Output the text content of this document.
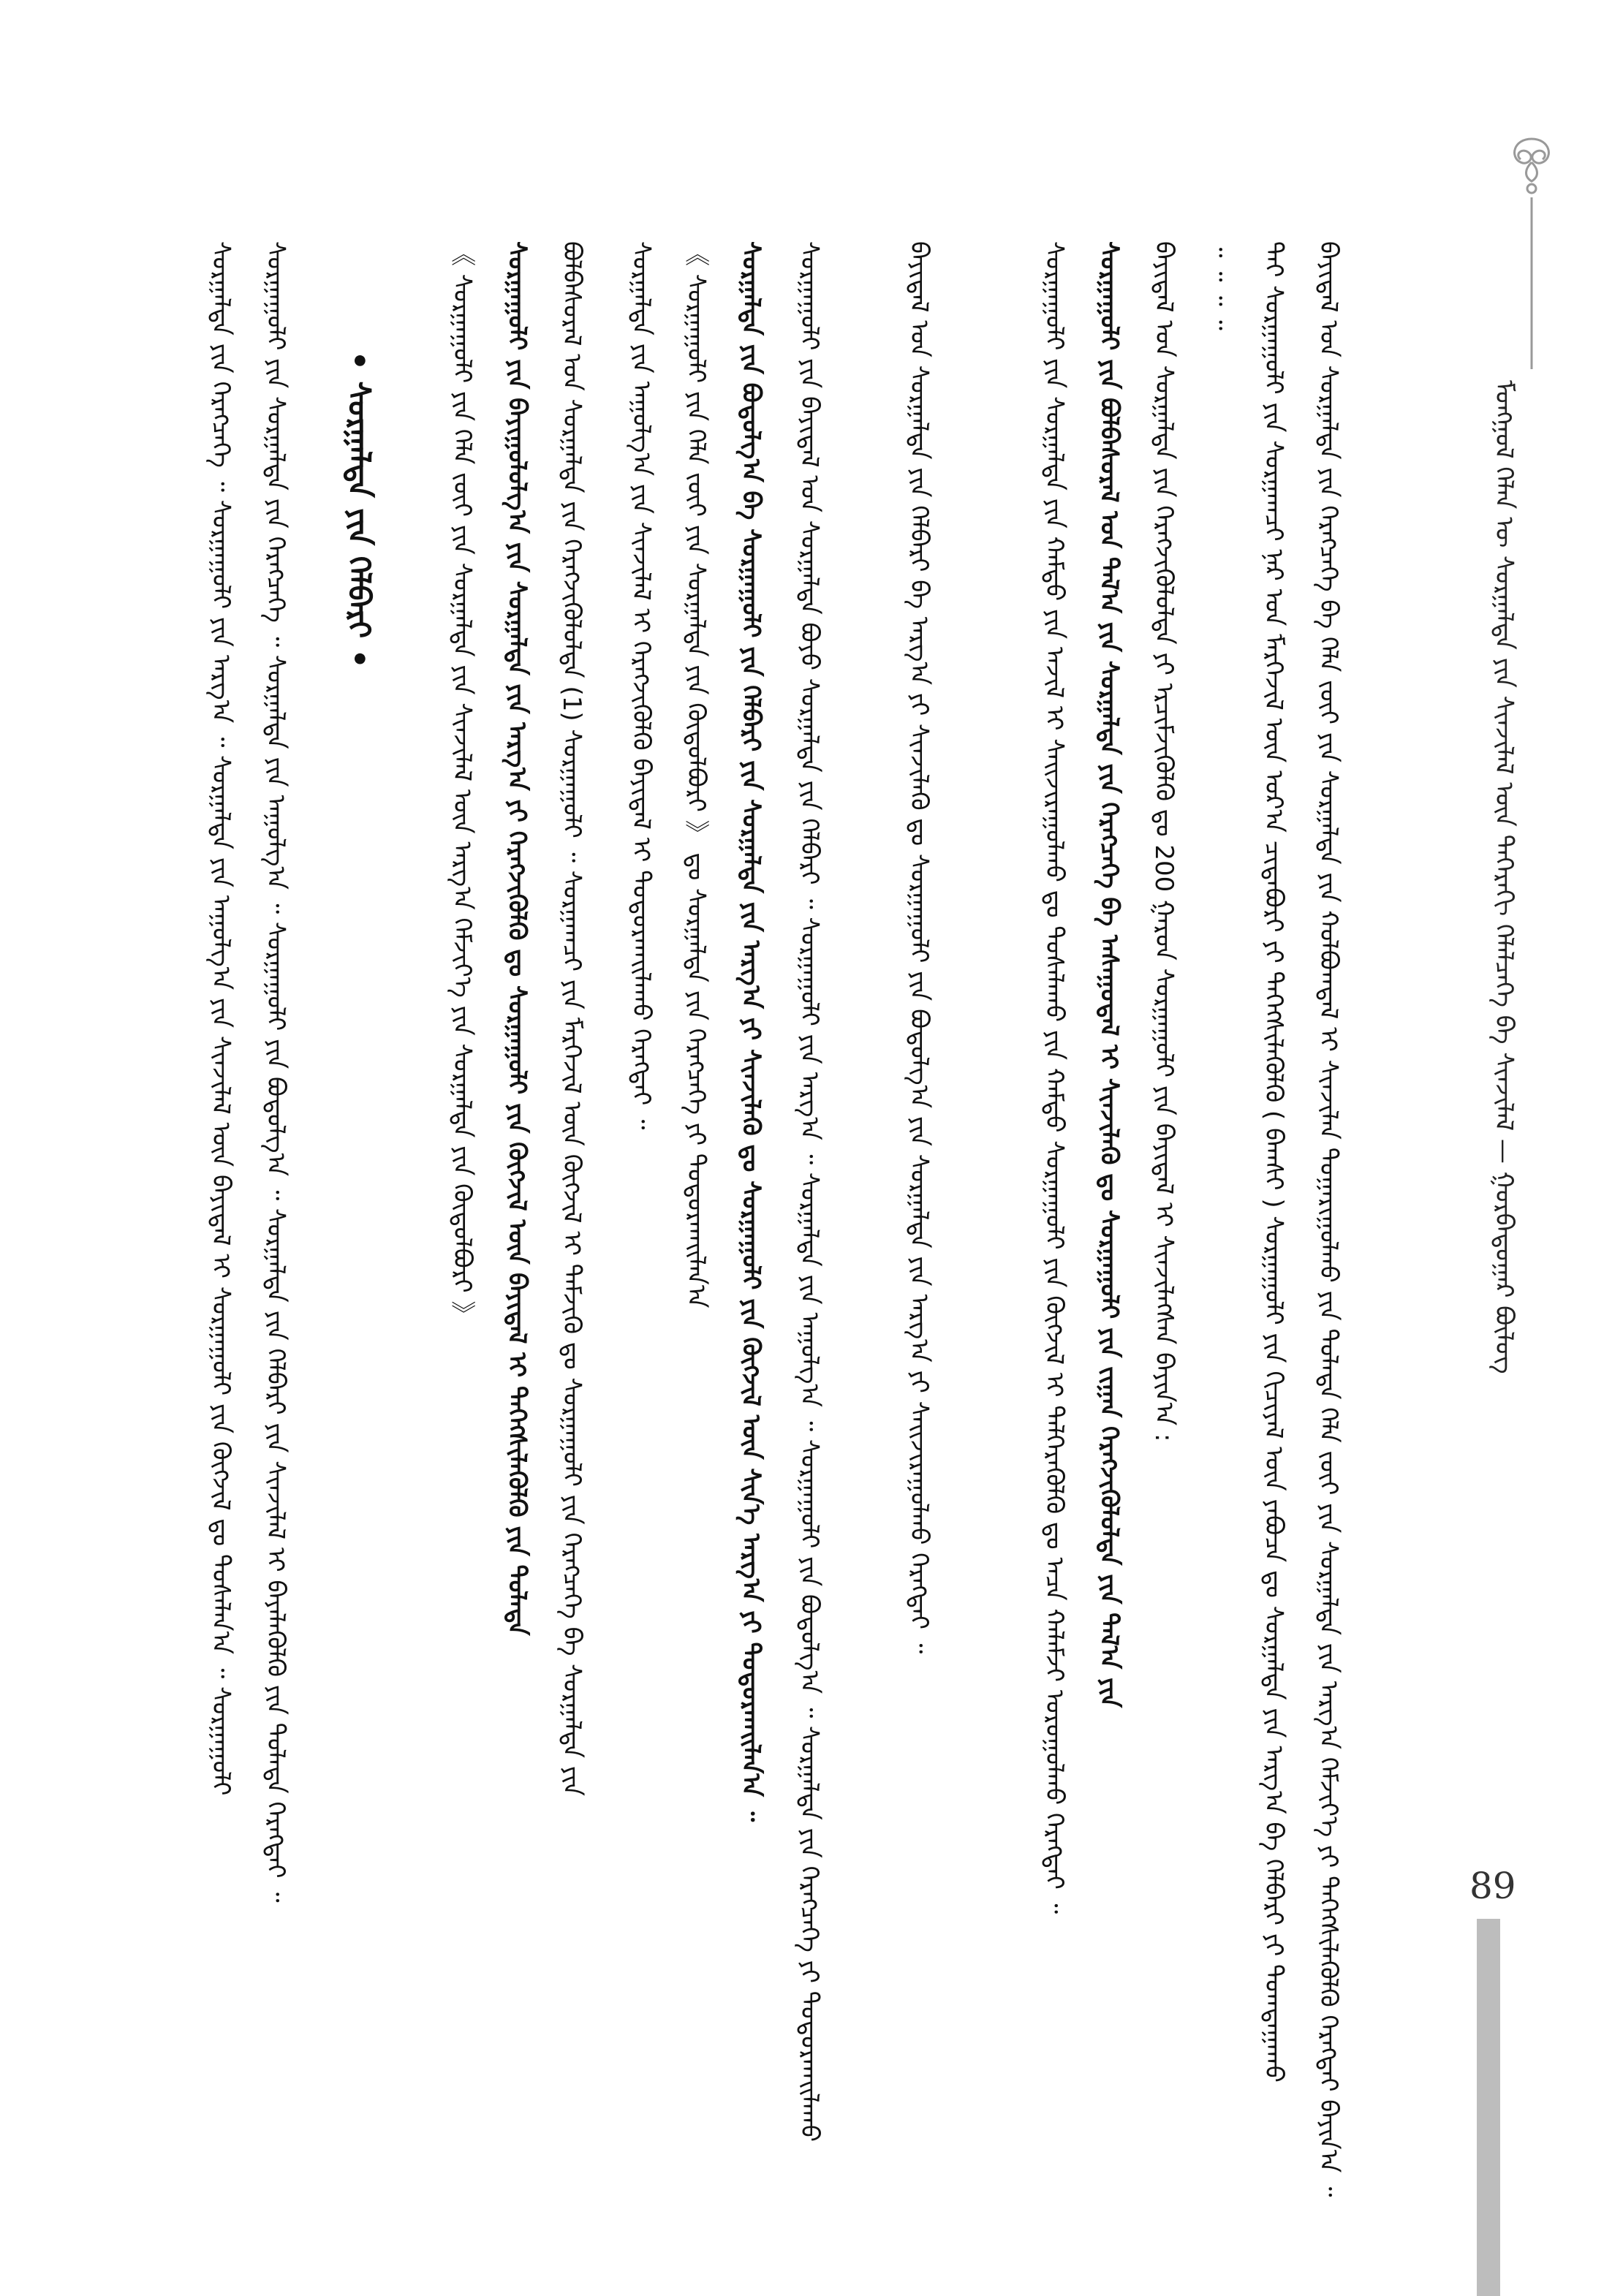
ᠮᠣᠩᠭᠣᠯ ᠬᠡᠯᠡᠨ ᠦ ᠰᠤᠷᠭᠠᠯᠲᠠ ᠶᠢᠨ ᠰᠢᠨᠵᠢᠯᠡᠯ ᠦᠨ ᠳᠡᠭᠡᠷᠡᠬᠢ ᠬᠡᠯᠡᠯᠴᠡᠭᠡ ᠪᠠ ᠰᠢᠨᠵᠢᠯᠡᠯ — ᠭᠤᠷᠪᠠᠳᠤᠭᠠᠷ ᠪᠦᠯᠦᠭ
ᠪᠠᠶᠢᠳᠠᠯ ᠤᠨ ᠰᠤᠷᠭᠠᠯᠲᠠ ᠶᠢᠨ ᠬᠡᠷᠡᠭᠴᠡᠭᠡ ᠪᠠ ᠬᠡᠯᠡ ᠵᠦᠢ ᠶᠢᠨ ᠰᠤᠷᠭᠠᠯᠲᠠ ᠶᠢᠨ ᠬᠣᠯᠪᠣᠭᠳᠠᠯ ᠢ ᠰᠢᠨᠵᠢᠯᠡᠨ ᠲᠤᠭᠠᠷᠢᠭᠤᠯᠬᠤ ᠶᠢᠨ ᠲᠤᠯᠠᠳᠠ ᠬᠡᠯᠡ ᠵᠦᠢ ᠶᠢᠨ ᠰᠤᠷᠭᠠᠯᠲᠠ ᠶᠢᠨ ᠠᠷᠭ᠎ᠠ ᠬᠡᠮᠵᠢᠶ᠎ᠡ ᠶᠢ ᠳᠡᠭᠡᠭᠰᠢᠯᠡᠭᠦᠯᠬᠦ ᠬᠡᠷᠡᠭᠲᠡᠢ ᠪᠠᠶᠢᠨ᠎ᠠ ᠃
ᠲᠠᠢ ᠰᠤᠷᠭᠠᠭᠤᠯᠢ ᠶᠢᠨ ᠰᠤᠷᠭᠠᠭᠴᠢ ᠨᠠᠷ ᠤᠨ ᠮᠡᠷᠭᠡᠵᠢᠯ ᠦᠨ ᠤᠷ᠎ᠠ ᠴᠢᠳᠠᠪᠤᠷᠢ ᠶᠢ ᠳᠡᠭᠡᠭᠰᠢᠯᠡᠭᠦᠯᠬᠦ ( ᠪᠠᠭᠰᠢ ) ᠰᠤᠷᠭᠠᠭᠤᠯᠢ ᠶᠢᠨ ᠬᠢᠴᠢᠶᠡᠯ ᠦᠨ ᠶᠠᠪᠤᠴᠠ ᠳᠤ ᠰᠤᠷᠭᠠᠯᠲᠠ ᠶᠢᠨ ᠠᠷᠭ᠎ᠠ ᠪᠠ ᠬᠡᠯᠪᠡᠷᠢ ᠶᠢ ᠲᠣᠭᠲᠠᠭᠠᠬᠤ
᠃ ᠃ ᠃ ᠃
ᠪᠠᠶᠢᠳᠠᠯ ᠤᠨ ᠰᠤᠷᠭᠠᠯᠲᠠ ᠶᠢᠨ ᠬᠡᠷᠡᠭᠵᠢᠭᠦᠯᠦᠯᠲᠡ ᠶᠢ ᠡᠷᠴᠢᠮᠵᠢᠭᠦᠯᠬᠦ ᠳᠤ 200 ᠭᠠᠷᠤᠨ ᠰᠤᠷᠭᠠᠭᠤᠯᠢ ᠶᠢᠨ ᠪᠠᠶᠢᠳᠠᠯ ᠢ ᠰᠢᠨᠵᠢᠯᠡᠭᠰᠡᠨ ᠪᠠᠶᠢᠨ᠎ᠠ :
ᠰᠤᠷᠭᠠᠭᠤᠯᠢ ᠶᠢᠨ ᠪᠣᠯᠪᠠᠰᠤᠷᠠᠯ ᠤᠨ ᠲᠠᠯ᠎ᠠ ᠶᠢᠨ ᠰᠤᠷᠭᠠᠯᠲᠠ ᠶᠢᠨ ᠬᠡᠷᠡᠭᠴᠡᠭᠡ ᠪᠠ ᠠᠰᠠᠭᠤᠳᠠᠯ ᠢ ᠰᠢᠨᠵᠢᠯᠡᠬᠦ ᠳᠤ ᠰᠤᠷᠭᠠᠭᠤᠯᠢ ᠶᠢᠨ ᠵᠢᠭᠠᠨ ᠬᠡᠷᠡᠭᠵᠢᠭᠦᠯᠦᠯᠲᠡ ᠶᠢᠨ ᠲᠠᠯ᠎ᠠ ᠶᠢᠨ
ᠰᠤᠷᠭᠠᠭᠤᠯᠢ ᠶᠢᠨ ᠰᠤᠷᠭᠠᠯᠲᠠ ᠶᠢᠨ ᠬᠠᠮᠲᠤ ᠶᠢᠨ ᠠᠵᠢᠯ ᠢ ᠰᠠᠢᠵᠢᠷᠠᠭᠤᠯᠬᠤ ᠳᠤ ᠲᠤᠰᠠᠯᠠᠬᠤ ᠶᠢᠨ ᠬᠠᠮᠲᠤ ᠰᠤᠷᠭᠠᠭᠤᠯᠢ ᠶᠢᠨ ᠬᠥᠭᠵᠢᠯ ᠢ ᠲᠡᠯᠭᠡᠷᠡᠭᠦᠯᠬᠦ ᠳᠤ ᠠᠴᠠ ᠬᠠᠯᠠᠮᠵᠢ ᠣᠷᠣᠭᠤᠯᠬᠤ ᠬᠡᠷᠡᠭᠲᠡᠢ ᠃
ᠪᠠᠶᠢᠳᠠᠯ ᠤᠨ ᠰᠤᠷᠭᠠᠯᠲᠠ ᠶᠢᠨ ᠬᠡᠯᠪᠡᠷᠢ ᠪᠠ ᠠᠷᠭ᠎ᠠ ᠶᠢ ᠰᠢᠨᠵᠢᠯᠡᠬᠦ ᠳᠤ ᠰᠤᠷᠭᠠᠭᠤᠯᠢ ᠶᠢᠨ ᠪᠣᠳᠤᠯᠭ᠎ᠠ ᠶᠢᠨ ᠰᠤᠷᠭᠠᠯᠲᠠ ᠶᠢᠨ ᠠᠷᠭ᠎ᠠ ᠶᠢ ᠰᠠᠢᠵᠢᠷᠠᠭᠤᠯᠬᠤ ᠬᠡᠷᠡᠭᠲᠡᠢ ᠃
ᠰᠤᠷᠭᠠᠭᠤᠯᠢ ᠶᠢᠨ ᠪᠠᠶᠢᠳᠠᠯ ᠤᠨ ᠰᠤᠷᠭᠠᠯᠲᠠ ᠪᠤᠶᠤ ᠰᠤᠷᠭᠠᠯᠲᠠ ᠶᠢᠨ ᠬᠡᠯᠪᠡᠷᠢ ᠃ ᠰᠤᠷᠭᠠᠭᠤᠯᠢ ᠶᠢᠨ ᠠᠷᠭ᠎ᠠ ᠃ ᠰᠤᠷᠭᠠᠯᠲᠠ ᠶᠢᠨ ᠠᠭᠤᠯᠭ᠎ᠠ ᠃ ᠰᠤᠷᠭᠠᠭᠤᠯᠢ ᠶᠢᠨ ᠪᠣᠳᠤᠯᠭ᠎ᠠ ᠃ ᠰᠤᠷᠭᠠᠯᠲᠠ ᠶᠢᠨ ᠬᠡᠷᠡᠭᠴᠡᠭᠡ ᠶᠢ ᠲᠣᠳᠣᠷᠬᠠᠢᠯᠠᠬᠤ
ᠰᠤᠷᠭᠠᠯᠲᠠ ᠶᠢᠨ ᠪᠣᠳᠤᠯᠭ᠎ᠠ ᠪᠠ ᠰᠤᠷᠭᠠᠭᠤᠯᠢ ᠶᠢᠨ ᠬᠡᠯᠪᠡᠷᠢ ᠶᠢᠨ ᠰᠤᠷᠭᠠᠯᠲᠠ ᠶᠢᠨ ᠠᠷᠭ᠎ᠠ ᠶᠢ ᠰᠢᠨᠵᠢᠯᠡᠬᠦ ᠳᠤ ᠰᠤᠷᠭᠠᠭᠤᠯᠢ ᠶᠢᠨ ᠬᠥᠭᠵᠢᠯ ᠦᠨ ᠰᠢᠨ᠎ᠡ ᠠᠷᠭ᠎ᠠ ᠶᠢ ᠲᠣᠳᠣᠷᠬᠠᠢᠯᠠᠨ᠎ᠠ ᠃
《 ᠰᠤᠷᠭᠠᠭᠤᠯᠢ ᠶᠢᠨ ᠬᠡᠯᠡ ᠵᠦᠢ ᠶᠢᠨ ᠰᠤᠷᠭᠠᠯᠲᠠ ᠶᠢᠨ ᠬᠥᠲᠦᠯᠪᠦᠷᠢ 》 ᠳᠤ ᠰᠤᠷᠭᠠᠯᠲᠠ ᠶᠢᠨ ᠬᠡᠷᠡᠭᠴᠡᠭᠡ ᠶᠢ ᠲᠣᠳᠣᠷᠬᠠᠢᠯᠠᠨ᠎ᠠ
ᠰᠤᠷᠭᠠᠯᠲᠠ ᠶᠢᠨ ᠠᠭᠤᠯᠭ᠎ᠠ ᠶᠢᠨ ᠰᠢᠨᠵᠢᠯᠡᠯ ᠢ ᠬᠡᠷᠡᠭᠵᠢᠭᠦᠯᠬᠦ ᠪᠠᠶᠢᠳᠠᠯ ᠢ ᠲᠣᠳᠣᠷᠬᠠᠢᠯᠠᠬᠤ ᠬᠡᠷᠡᠭᠲᠡᠢ ᠃
ᠪᠣᠯᠪᠠᠰᠤᠷᠠᠯ ᠤᠨ ᠰᠤᠷᠭᠠᠯᠲᠠ ᠶᠢᠨ ᠬᠡᠷᠡᠭᠵᠢᠭᠦᠯᠦᠯᠲᠡ (1) ᠰᠤᠷᠭᠠᠭᠤᠯᠢ ᠃ ᠰᠤᠷᠭᠠᠭᠴᠢ ᠶᠢᠨ ᠮᠡᠷᠭᠡᠵᠢᠯ ᠦᠨ ᠬᠥᠭᠵᠢᠯ ᠢ ᠳᠡᠮᠵᠢᠬᠦ ᠳᠤ ᠰᠤᠷᠭᠠᠭᠤᠯᠢ ᠶᠢᠨ ᠬᠡᠷᠡᠭᠴᠡᠭᠡ ᠪᠠ ᠰᠤᠷᠭᠠᠯᠲᠠ ᠶᠢᠨ
ᠰᠤᠷᠭᠠᠭᠤᠯᠢ ᠶᠢᠨ ᠪᠠᠶᠢᠭᠤᠯᠤᠯᠭ᠎ᠠ ᠶᠢᠨ ᠰᠤᠷᠭᠠᠯᠲᠠ ᠶᠢᠨ ᠠᠷᠭ᠎ᠠ ᠶᠢ ᠬᠡᠷᠡᠭᠵᠢᠭᠦᠯᠬᠦ ᠳᠤ ᠰᠤᠷᠭᠠᠭᠤᠯᠢ ᠶᠢᠨ ᠬᠥᠭᠵᠢᠯ ᠦᠨ ᠪᠠᠶᠢᠳᠠᠯ ᠢ ᠳᠡᠭᠡᠭᠰᠢᠯᠡᠭᠦᠯᠬᠦ ᠶᠢᠨ ᠲᠤᠯᠠᠳᠠ
《 ᠰᠤᠷᠭᠠᠭᠤᠯᠢ ᠶᠢᠨ ᠬᠡᠯᠡ ᠵᠦᠢ ᠶᠢᠨ ᠰᠤᠷᠭᠠᠯᠲᠠ ᠶᠢᠨ ᠰᠢᠨᠵᠢᠯᠡᠯ ᠦᠨ ᠠᠷᠭ᠎ᠠ ᠬᠡᠮᠵᠢᠶ᠎ᠡ ᠶᠢᠨ ᠰᠤᠷᠭᠠᠯᠲᠠ ᠶᠢᠨ ᠬᠥᠲᠦᠯᠪᠦᠷᠢ 》
• ᠰᠤᠷᠭᠠᠯᠲᠠ ᠶᠢᠨ ᠬᠡᠯᠪᠡᠷᠢ •
ᠰᠤᠷᠭᠠᠭᠤᠯᠢ ᠶᠢᠨ ᠰᠤᠷᠭᠠᠯᠲᠠ ᠶᠢᠨ ᠬᠡᠷᠡᠭᠴᠡᠭᠡ ᠃ ᠰᠤᠷᠭᠠᠯᠲᠠ ᠶᠢᠨ ᠠᠭᠤᠯᠭ᠎ᠠ ᠃ ᠰᠤᠷᠭᠠᠭᠤᠯᠢ ᠶᠢᠨ ᠪᠣᠳᠤᠯᠭ᠎ᠠ ᠃ ᠰᠤᠷᠭᠠᠯᠲᠠ ᠶᠢᠨ ᠬᠡᠯᠪᠡᠷᠢ ᠶᠢᠨ ᠰᠢᠨᠵᠢᠯᠡᠯ ᠢ ᠪᠡᠶᠡᠯᠡᠭᠦᠯᠬᠦ ᠶᠢᠨ ᠲᠤᠯᠠᠳᠠ ᠬᠡᠷᠡᠭᠲᠡᠢ ᠃
ᠰᠤᠷᠭᠠᠯᠲᠠ ᠶᠢᠨ ᠬᠡᠷᠡᠭᠴᠡᠭᠡ ᠃ ᠰᠤᠷᠭᠠᠭᠤᠯᠢ ᠶᠢᠨ ᠠᠷᠭ᠎ᠠ ᠃ ᠰᠤᠷᠭᠠᠯᠲᠠ ᠶᠢᠨ ᠠᠭᠤᠯᠭ᠎ᠠ ᠶᠢᠨ ᠰᠢᠨᠵᠢᠯᠡᠯ ᠦᠨ ᠪᠠᠶᠢᠳᠠᠯ ᠢ ᠰᠤᠷᠭᠠᠭᠤᠯᠢ ᠶᠢᠨ ᠬᠥᠭᠵᠢᠯ ᠳᠤ ᠲᠤᠰᠠᠯᠠᠨ᠎ᠠ ᠃ ᠰᠤᠷᠭᠠᠭᠤᠯᠢ
89
